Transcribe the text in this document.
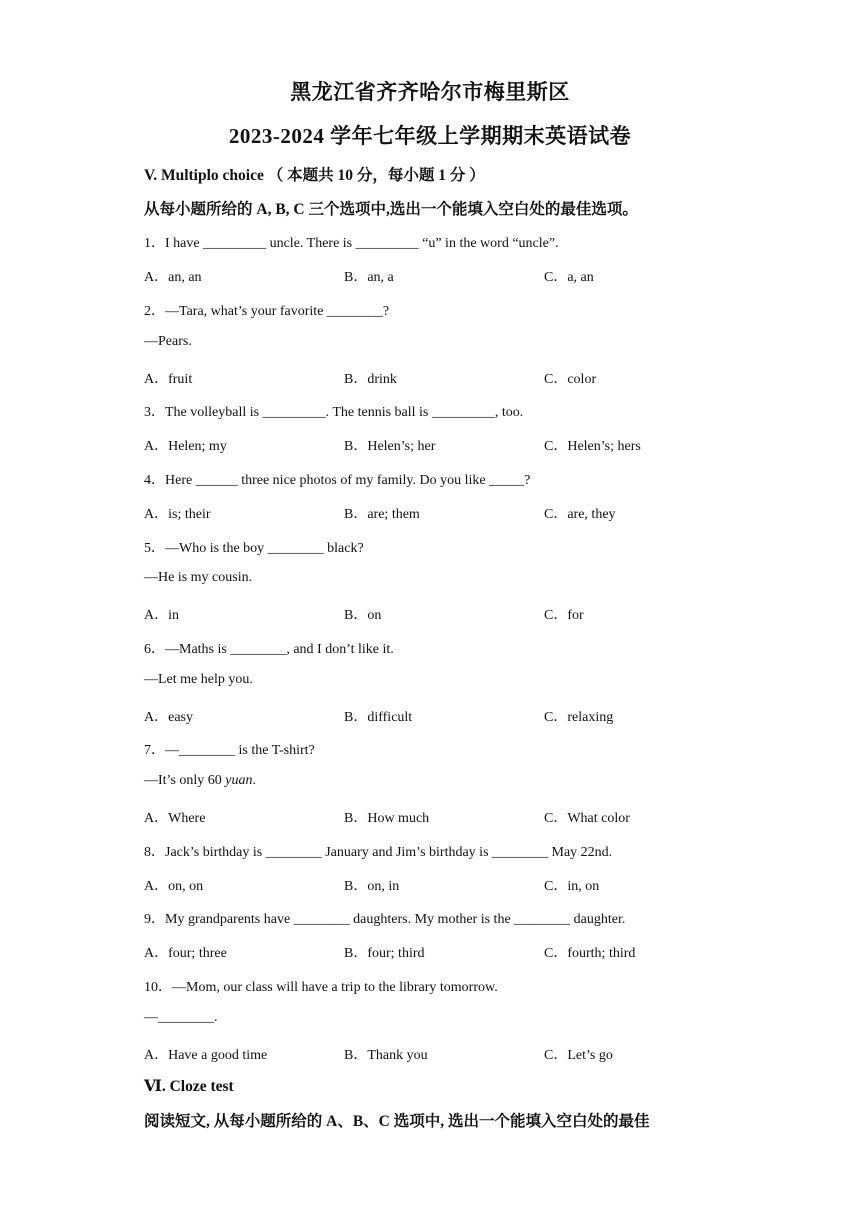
黑龙江省齐齐哈尔市梅里斯区
2023-2024 学年七年级上学期期末英语试卷
V. Multiplo choice （ 本题共 10 分，每小题 1 分 ）
从每小题所给的 A, B, C 三个选项中,选出一个能填入空白处的最佳选项。
1．I have _________ uncle. There is _________ “u” in the word “uncle”.
A．an, an	B．an, a	C．a, an
2．—Tara, what’s your favorite ________?
—Pears.
A．fruit	B．drink	C．color
3．The volleyball is _________. The tennis ball is _________, too.
A．Helen; my	B．Helen’s; her	C．Helen’s; hers
4．Here ______ three nice photos of my family. Do you like _____?
A．is; their	B．are; them	C．are, they
5．—Who is the boy ________ black?
—He is my cousin.
A．in	B．on	C．for
6．—Maths is ________, and I don’t like it.
—Let me help you.
A．easy	B．difficult	C．relaxing
7．—________ is the T-shirt?
—It’s only 60 yuan.
A．Where	B．How much	C．What color
8．Jack’s birthday is ________ January and Jim’s birthday is ________ May 22nd.
A．on, on	B．on, in	C．in, on
9．My grandparents have ________ daughters. My mother is the ________ daughter.
A．four; three	B．four; third	C．fourth; third
10．—Mom, our class will have a trip to the library tomorrow.
—________.
A．Have a good time	B．Thank you	C．Let’s go
Ⅵ. Cloze test
阅读短文, 从每小题所给的 A、B、C 选项中, 选出一个能填入空白处的最佳
